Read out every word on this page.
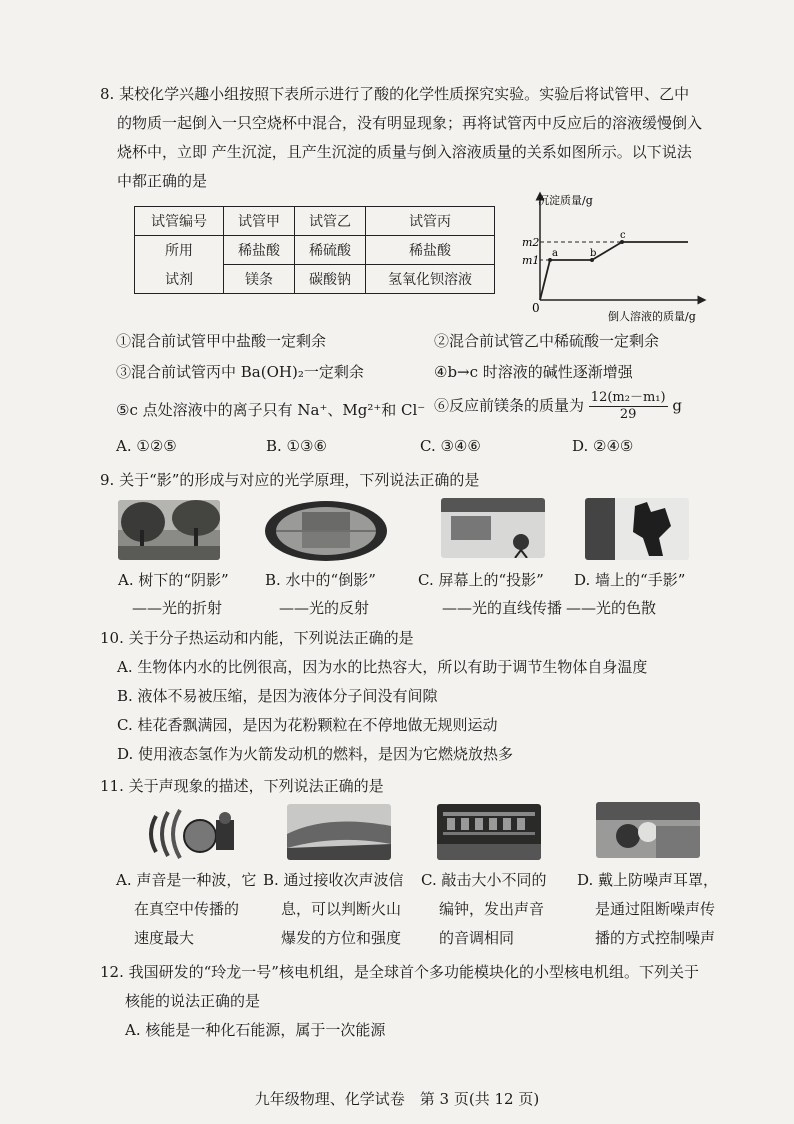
8. 某校化学兴趣小组按照下表所示进行了酸的化学性质探究实验。实验后将试管甲、乙中
的物质一起倒入一只空烧杯中混合，没有明显现象；再将试管丙中反应后的溶液缓慢倒入
烧杯中，立即 产生沉淀，且产生沉淀的质量与倒入溶液质量的关系如图所示。以下说法
中都正确的是
试管编号	试管甲	试管乙	试管丙
所用	稀盐酸	稀硫酸	稀盐酸
试剂	镁条	碳酸钠	氢氧化钡溶液
沉淀质量/g
倒人溶液的质量/g
0
m2
m1
a	b
c
①混合前试管甲中盐酸一定剩余	②混合前试管乙中稀硫酸一定剩余
③混合前试管丙中 Ba(OH)₂一定剩余	④b→c 时溶液的碱性逐渐增强
⑤c 点处溶液中的离子只有 Na⁺、Mg²⁺和 Cl⁻ ⑥反应前镁条的质量为 $\frac{\text{12(m₂－m₁)}}{29}$ g
A. ①②⑤	B. ①③⑥	C. ③④⑥	D. ②④⑤
9. 关于“影”的形成与对应的光学原理，下列说法正确的是
A. 树下的“阴影”
——光的折射
B. 水中的“倒影”
——光的反射
C. 屏幕上的“投影”
——光的直线传播
D. 墙上的“手影”
——光的色散
10. 关于分子热运动和内能，下列说法正确的是
A. 生物体内水的比例很高，因为水的比热容大，所以有助于调节生物体自身温度
B. 液体不易被压缩，是因为液体分子间没有间隙
C. 桂花香飘满园，是因为花粉颗粒在不停地做无规则运动
D. 使用液态氢作为火箭发动机的燃料，是因为它燃烧放热多
11. 关于声现象的描述，下列说法正确的是
A. 声音是一种波，它
在真空中传播的
速度最大
B. 通过接收次声波信
息，可以判断火山
爆发的方位和强度
C. 敲击大小不同的
编钟，发出声音
的音调相同
D. 戴上防噪声耳罩，
是通过阻断噪声传
播的方式控制噪声
12. 我国研发的“玲龙一号”核电机组，是全球首个多功能模块化的小型核电机组。下列关于
核能的说法正确的是
A. 核能是一种化石能源，属于一次能源
九年级物理、化学试卷　第 3 页(共 12 页)
